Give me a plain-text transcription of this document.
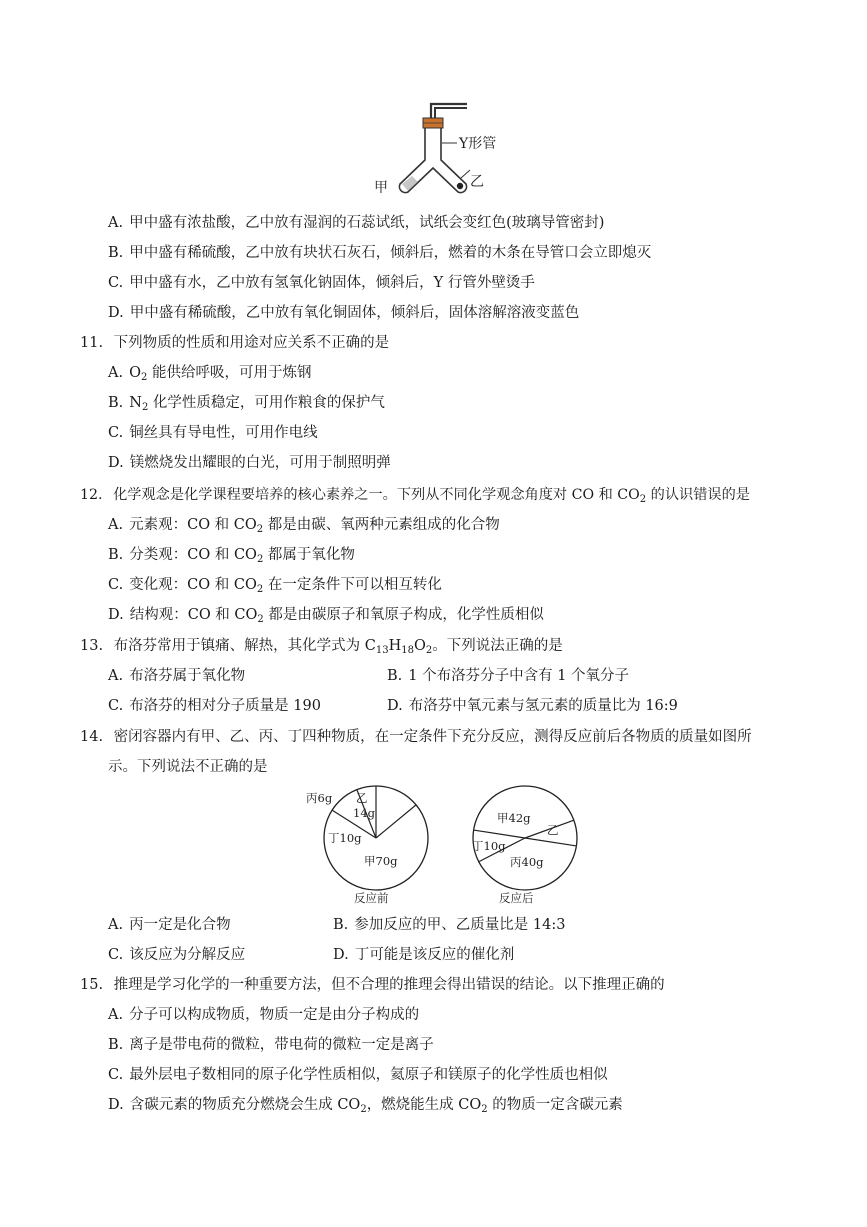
Y形管
甲	乙
A. 甲中盛有浓盐酸，乙中放有湿润的石蕊试纸，试纸会变红色(玻璃导管密封)
B. 甲中盛有稀硫酸，乙中放有块状石灰石，倾斜后，燃着的木条在导管口会立即熄灭
C. 甲中盛有水，乙中放有氢氧化钠固体，倾斜后，Y 行管外壁烫手
D. 甲中盛有稀硫酸，乙中放有氧化铜固体，倾斜后，固体溶解溶液变蓝色
11. 下列物质的性质和用途对应关系不正确的是
A. $O_2$ 能供给呼吸，可用于炼钢
B. $N_2$ 化学性质稳定，可用作粮食的保护气
C. 铜丝具有导电性，可用作电线
D. 镁燃烧发出耀眼的白光，可用于制照明弹
12. 化学观念是化学课程要培养的核心素养之一。下列从不同化学观念角度对 CO 和 $CO_2$ 的认识错误的是
A. 元素观：CO 和 $CO_2$ 都是由碳、氧两种元素组成的化合物
B. 分类观：CO 和 $CO_2$ 都属于氧化物
C. 变化观：CO 和 $CO_2$ 在一定条件下可以相互转化
D. 结构观：CO 和 $CO_2$ 都是由碳原子和氧原子构成，化学性质相似
13. 布洛芬常用于镇痛、解热，其化学式为 $C_{13}H_{18}O_2$。下列说法正确的是
A. 布洛芬属于氧化物	B. 1 个布洛芬分子中含有 1 个氧分子
C. 布洛芬的相对分子质量是 190	D. 布洛芬中氧元素与氢元素的质量比为 16:9
14. 密闭容器内有甲、乙、丙、丁四种物质，在一定条件下充分反应，测得反应前后各物质的质量如图所
示。下列说法不正确的是
丙6g 乙
14g
丁10g
甲70g
反应前
甲42g
乙
丁10g
丙40g
反应后
A. 丙一定是化合物	B. 参加反应的甲、乙质量比是 14:3
C. 该反应为分解反应	D. 丁可能是该反应的催化剂
15. 推理是学习化学的一种重要方法，但不合理的推理会得出错误的结论。以下推理正确的
A. 分子可以构成物质，物质一定是由分子构成的
B. 离子是带电荷的微粒，带电荷的微粒一定是离子
C. 最外层电子数相同的原子化学性质相似，氦原子和镁原子的化学性质也相似
D. 含碳元素的物质充分燃烧会生成 $CO_2$，燃烧能生成 $CO_2$ 的物质一定含碳元素
